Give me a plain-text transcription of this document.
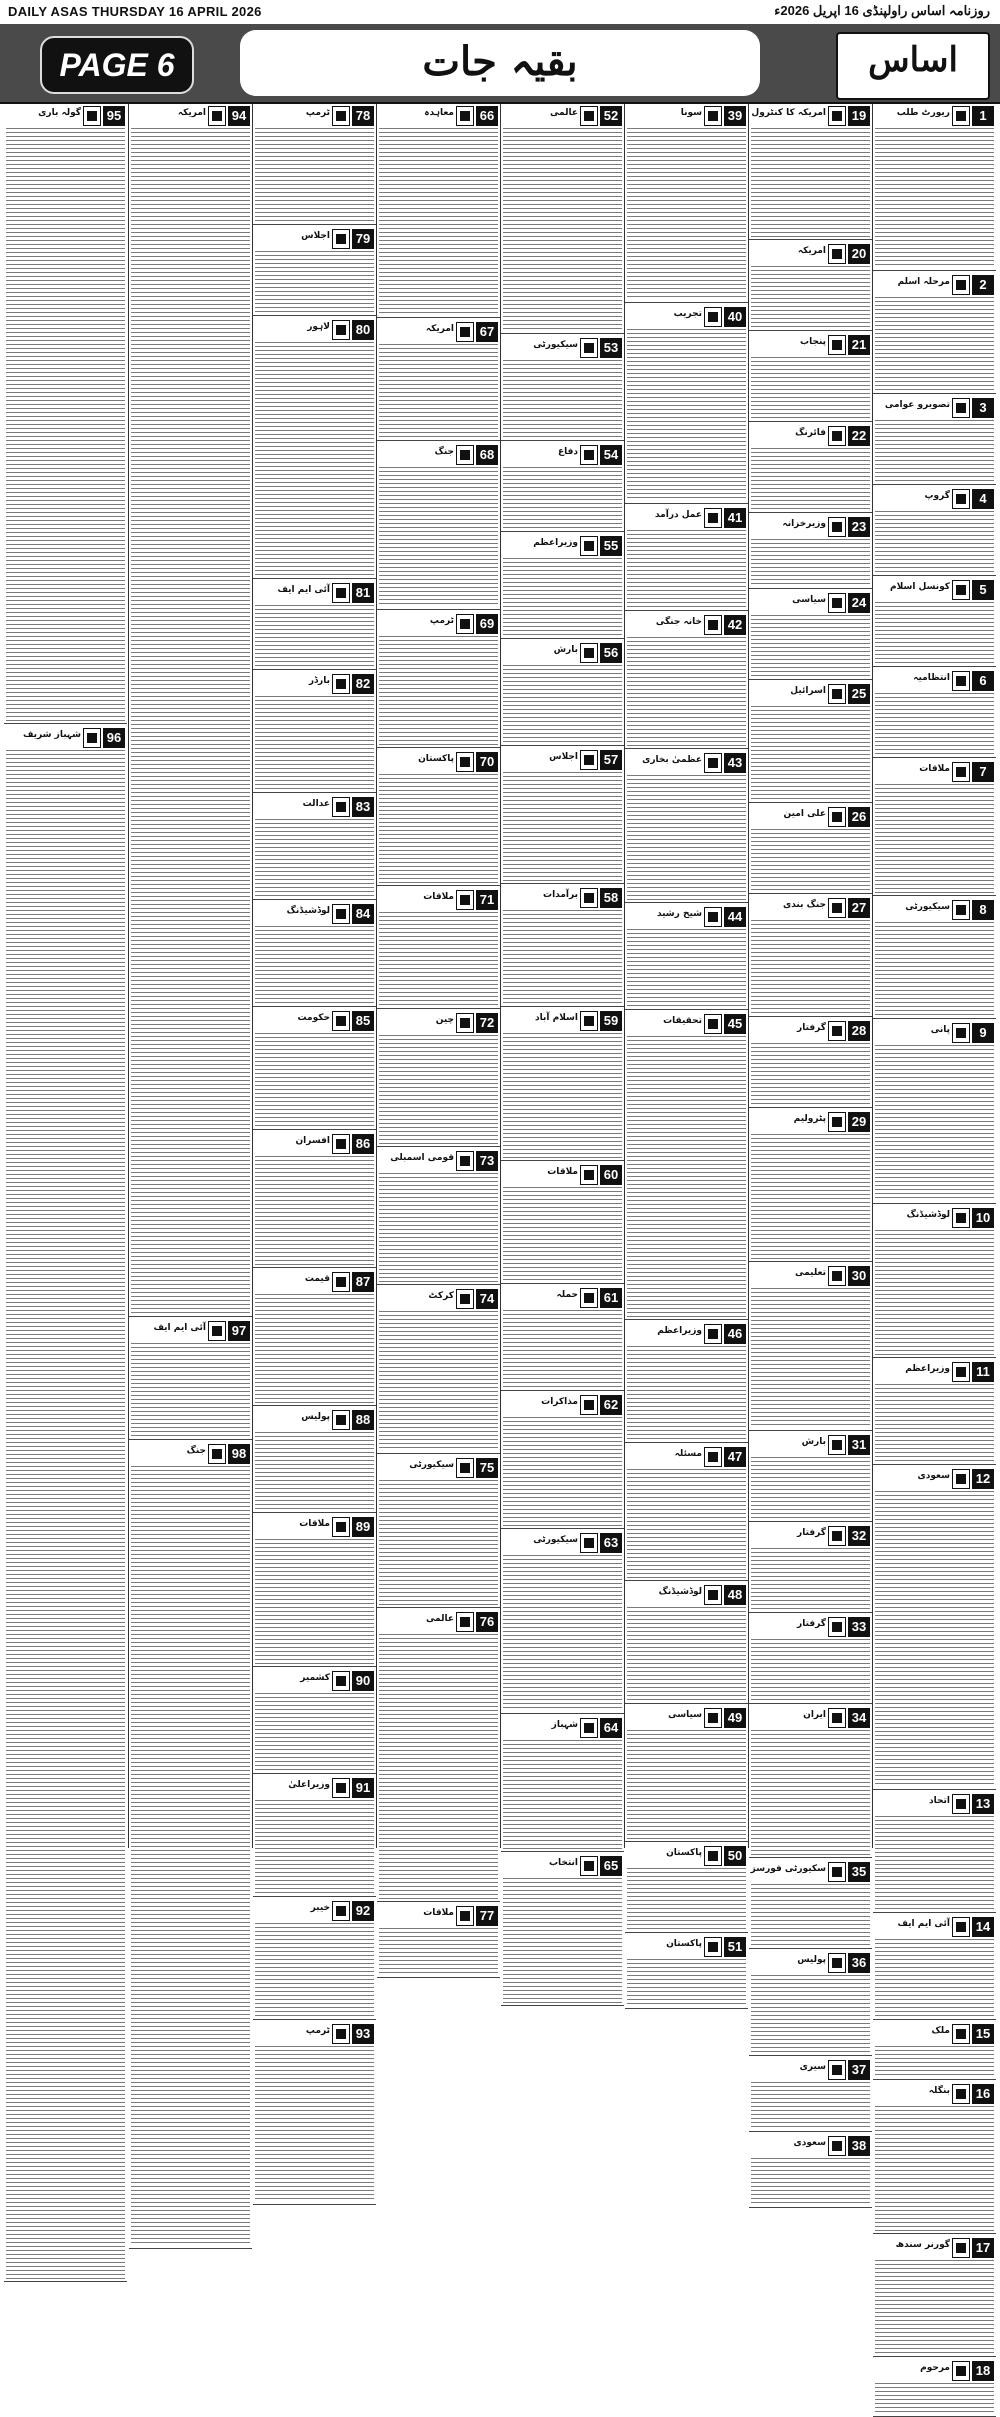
DAILY ASAS THURSDAY 16 APRIL 2026	روزنامہ اساس راولپنڈی 16 اپریل 2026ء
PAGE 6	بقیہ جات	اساس
ریورٹ طلب	1
مرحلہ اسلم	2
تصویرو عوامی	3
گروپ	4
کونسل اسلام	5
انتظامیہ	6
ملاقات	7
سیکیورٹی	8
پانی	9
لوڈشیڈنگ 10
وزیراعظم	11
سعودی 12
اتحاد 13
آئی ایم ایف 14
ملک 15
بنگلہ 16
گورنر سندھ 17
مرحوم 18
امریکہ کا کنٹرول 19
امریکہ 20
پنجاب 21
فائرنگ 22
وزیرخزانہ 23
سیاسی 24
اسرائیل 25
علی امین 26
جنگ بندی 27
گرفتار 28
پٹرولیم 29
تعلیمی 30
بارش 31
گرفتار 32
گرفتار 33
ایران 34
سکیورٹی فورسز 35
پولیس 36
سیری 37
سعودی 38
سونا 39
تجریب 40
عمل درآمد 41
خانہ جنگی 42
عظمیٰ بخاری 43
شیخ رشید 44
تحقیقات 45
وزیراعظم 46
مسئلہ 47
لوڈشیڈنگ 48
سیاسی 49
پاکستان 50
پاکستان 51
عالمی 52
سیکیورٹی 53
دفاع 54
وزیراعظم 55
بارش 56
اجلاس 57
برآمدات 58
اسلام آباد 59
ملاقات 60
حملہ 61
مذاکرات 62
سیکیورٹی 63
شہباز 64
انتخاب 65
معاہدہ 66
امریکہ 67
جنگ 68
ٹرمپ 69
پاکستان 70
ملاقات 71
چین 72
قومی اسمبلی 73
کرکٹ 74
سیکیورٹی 75
عالمی 76
ملاقات 77
ٹرمپ 78
اجلاس 79
لاہور 80
آئی ایم ایف 81
بارڈر 82
عدالت 83
لوڈشیڈنگ 84
حکومت 85
افسران 86
قیمت 87
پولیس 88
ملاقات 89
کشمیر 90
وزیراعلیٰ 91
خیبر 92
ٹرمپ 93
امریکہ 94
آئی ایم ایف 97
جنگ 98
گولہ باری 95
شہباز شریف 96
